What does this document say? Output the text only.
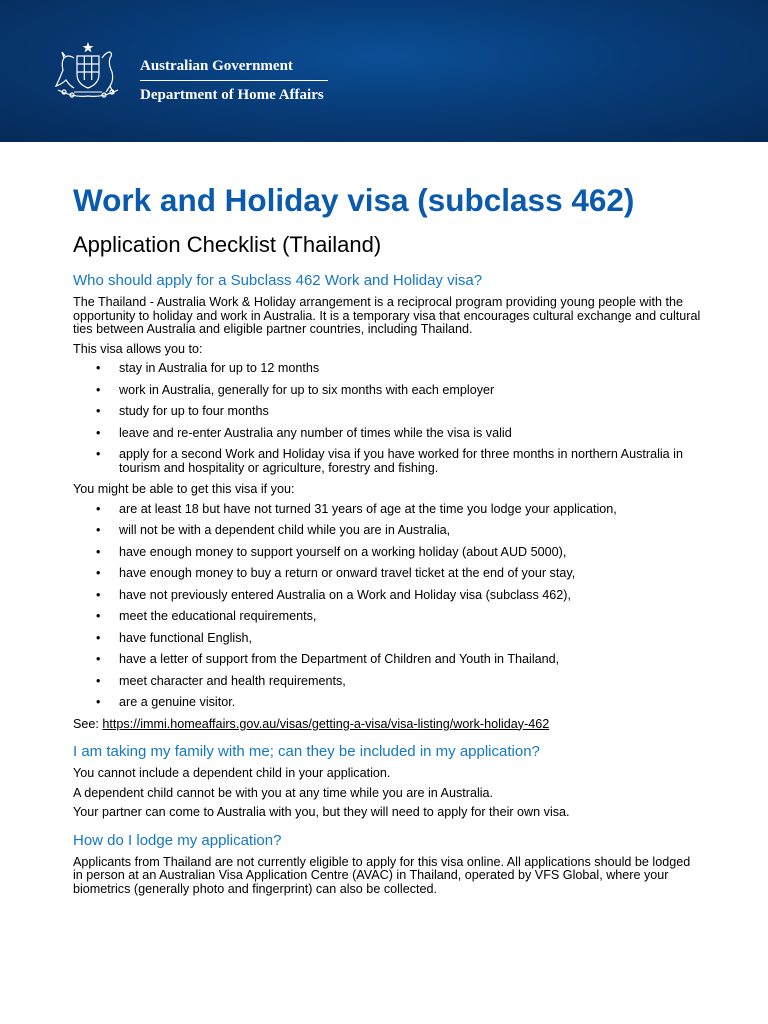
Australian Government
Department of Home Affairs
Work and Holiday visa (subclass 462)
Application Checklist (Thailand)
Who should apply for a Subclass 462 Work and Holiday visa?

The Thailand - Australia Work & Holiday arrangement is a reciprocal program providing young people with the opportunity to holiday and work in Australia. It is a temporary visa that encourages cultural exchange and cultural ties between Australia and eligible partner countries, including Thailand.

This visa allows you to:

• stay in Australia for up to 12 months
• work in Australia, generally for up to six months with each employer
• study for up to four months
• leave and re-enter Australia any number of times while the visa is valid
• apply for a second Work and Holiday visa if you have worked for three months in northern Australia in tourism and hospitality or agriculture, forestry and fishing.

You might be able to get this visa if you:

• are at least 18 but have not turned 31 years of age at the time you lodge your application,
• will not be with a dependent child while you are in Australia,
• have enough money to support yourself on a working holiday (about AUD 5000),
• have enough money to buy a return or onward travel ticket at the end of your stay,
• have not previously entered Australia on a Work and Holiday visa (subclass 462),
• meet the educational requirements,
• have functional English,
• have a letter of support from the Department of Children and Youth in Thailand,
• meet character and health requirements,
• are a genuine visitor.

See: https://immi.homeaffairs.gov.au/visas/getting-a-visa/visa-listing/work-holiday-462

I am taking my family with me; can they be included in my application?

You cannot include a dependent child in your application.

A dependent child cannot be with you at any time while you are in Australia.

Your partner can come to Australia with you, but they will need to apply for their own visa.

How do I lodge my application?

Applicants from Thailand are not currently eligible to apply for this visa online. All applications should be lodged in person at an Australian Visa Application Centre (AVAC) in Thailand, operated by VFS Global, where your biometrics (generally photo and fingerprint) can also be collected.
